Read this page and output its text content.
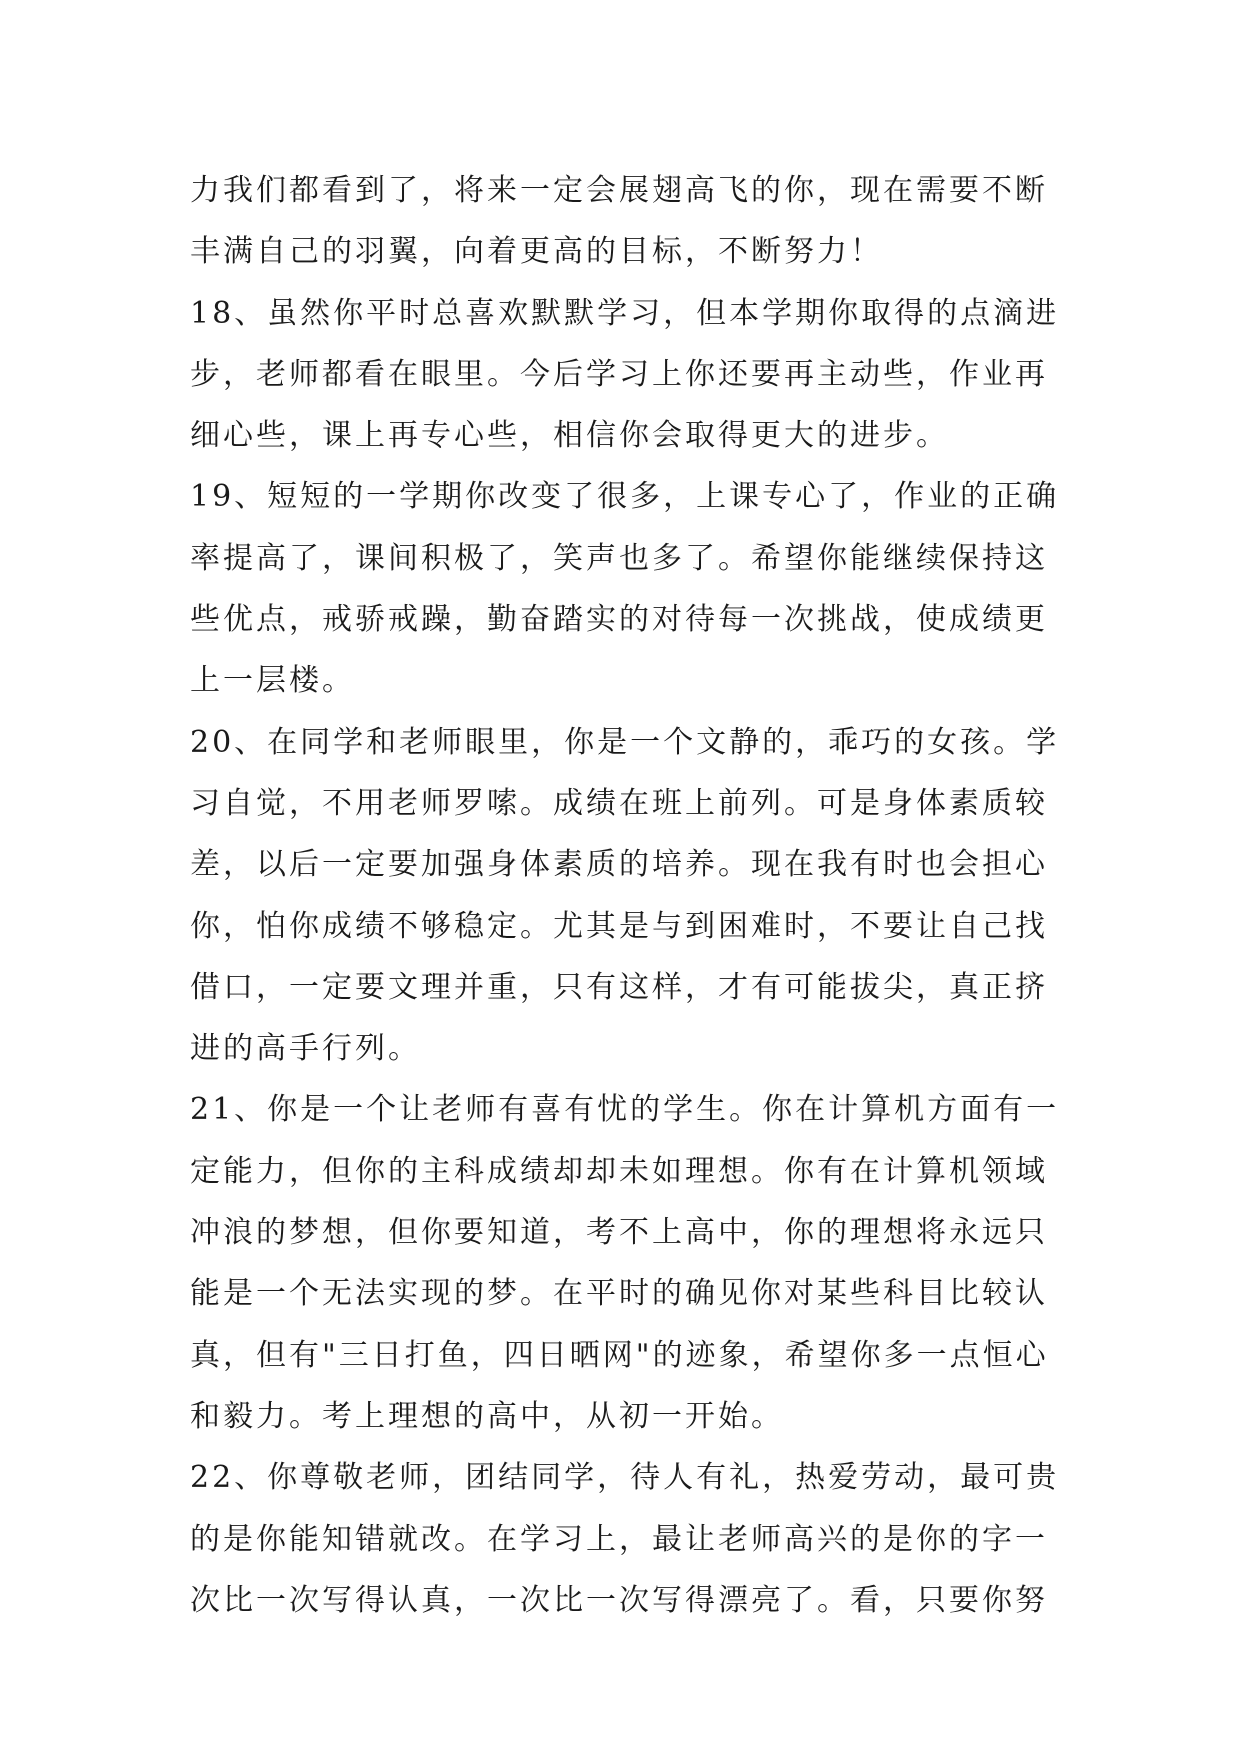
力我们都看到了，将来一定会展翅高飞的你，现在需要不断
丰满自己的羽翼，向着更高的目标，不断努力！
18、虽然你平时总喜欢默默学习，但本学期你取得的点滴进
步，老师都看在眼里。今后学习上你还要再主动些，作业再
细心些，课上再专心些，相信你会取得更大的进步。
19、短短的一学期你改变了很多，上课专心了，作业的正确
率提高了，课间积极了，笑声也多了。希望你能继续保持这
些优点，戒骄戒躁，勤奋踏实的对待每一次挑战，使成绩更
上一层楼。
20、在同学和老师眼里，你是一个文静的，乖巧的女孩。学
习自觉，不用老师罗嗦。成绩在班上前列。可是身体素质较
差，以后一定要加强身体素质的培养。现在我有时也会担心
你，怕你成绩不够稳定。尤其是与到困难时，不要让自己找
借口，一定要文理并重，只有这样，才有可能拔尖，真正挤
进的高手行列。
21、你是一个让老师有喜有忧的学生。你在计算机方面有一
定能力，但你的主科成绩却却未如理想。你有在计算机领域
冲浪的梦想，但你要知道，考不上高中，你的理想将永远只
能是一个无法实现的梦。在平时的确见你对某些科目比较认
真，但有"三日打鱼，四日晒网"的迹象，希望你多一点恒心
和毅力。考上理想的高中，从初一开始。
22、你尊敬老师，团结同学，待人有礼，热爱劳动，最可贵
的是你能知错就改。在学习上，最让老师高兴的是你的字一
次比一次写得认真，一次比一次写得漂亮了。看，只要你努
